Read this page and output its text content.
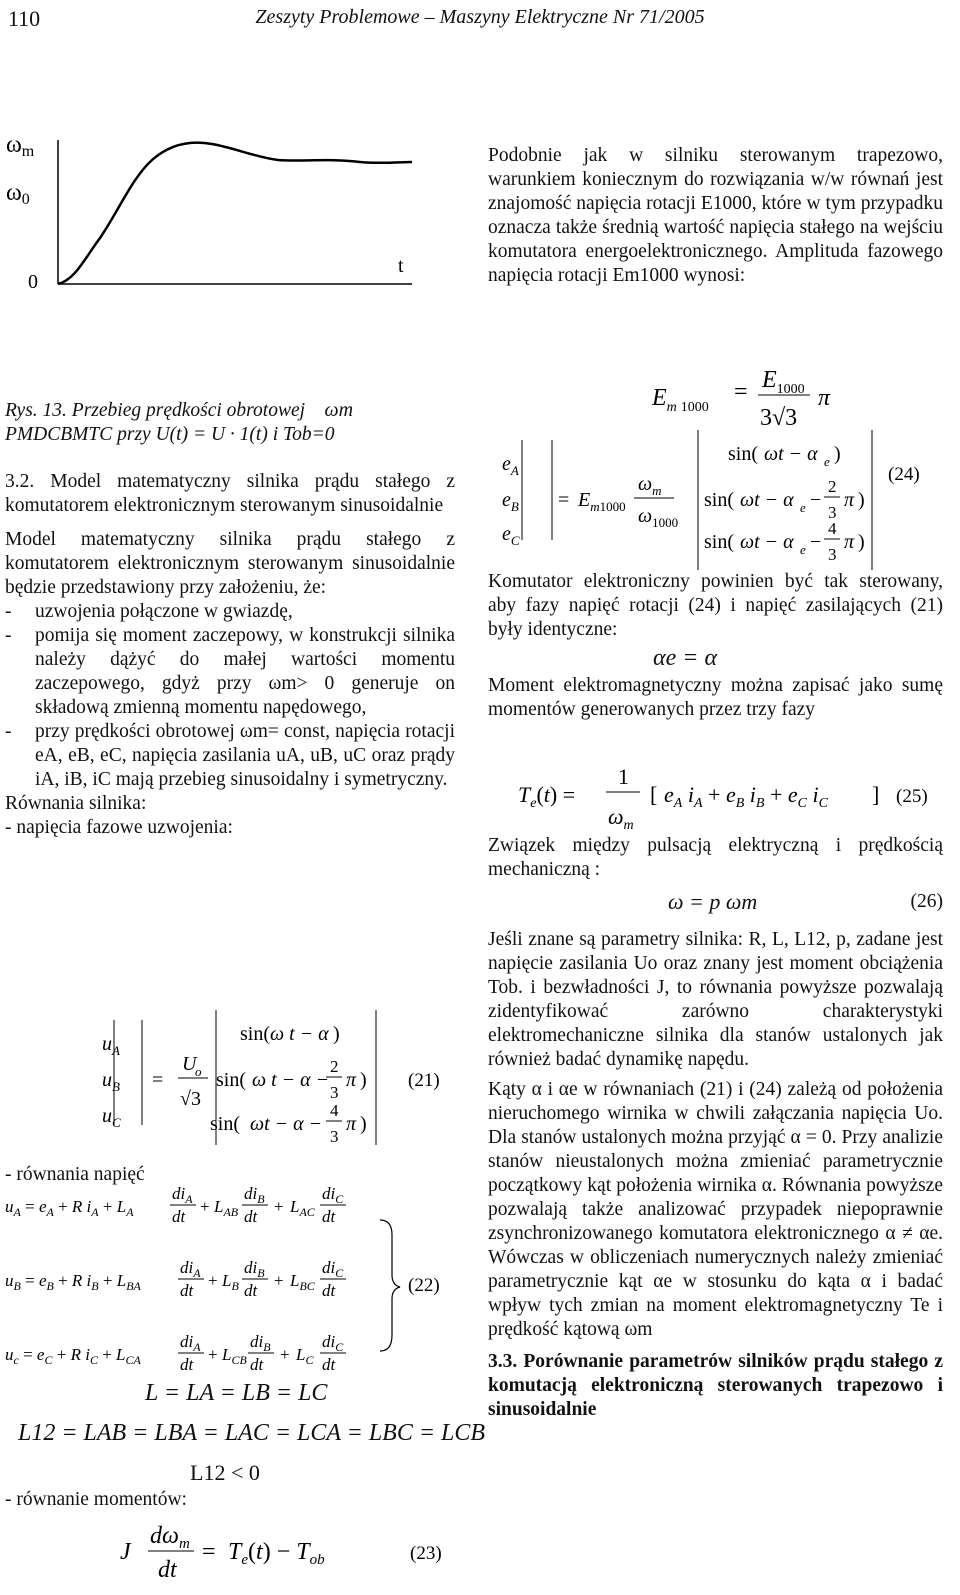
110	Zeszyty Problemowe – Maszyny Elektryczne Nr 71/2005
ωm
ω0
0
t

Rys. 13. Przebieg prędkości obrotowej ωm

PMDCBMTC przy U(t) = U · 1(t) i Tob=0

3.2. Model matematyczny silnika prądu stałego z komutatorem elektronicznym sterowanym sinusoidalnie

Model matematyczny silnika prądu stałego z komutatorem elektronicznym sterowanym sinusoidalnie będzie przedstawiony przy założeniu, że:

-	uzwojenia połączone w gwiazdę,
-	pomija się moment zaczepowy, w konstrukcji silnika należy dążyć do małej wartości momentu zaczepowego, gdyż przy ωm> 0 generuje on składową zmienną momentu napędowego,
-	przy prędkości obrotowej ωm= const, napięcia rotacji eA, eB, eC, napięcia zasilania uA, uB, uC oraz prądy iA, iB, iC mają przebieg sinusoidalny i symetryczny.

Równania silnika:

- napięcia fazowe uzwojenia:

$u_A$
$u_B$
$u_C$
=
U
o
√3
sin( ω t − α )
sin( ω t − α −
2
3
π )
sin( ωt − α −
4
3
π )
(21)
- równania napięć
$u_A = e_A + R$ $i_A + L_A$
$di_A$
dt
+ $L_{AB}$
$di_B$
dt
+ $L_{AC}$
$di_C$
dt
$u_B = e_B + R$ $i_B + L_{BA}$
$di_A$
dt
+ $L_B$
$di_B$
dt
+ $L_{BC}$
$di_C$
dt
$u_c = e_C + R$ $i_C + L_{CA}$
$di_A$
dt
+ $L_{CB}$
$di_B$
dt
+ $L_C$
$di_C$
dt
(22)
L = LA = LB = LC
L12 = LAB = LBA = LAC = LCA = LBC = LCB
L12 < 0
- równanie momentów:
J
$d\omega_m$
dt
= $T_e(t) - T_{ob}$	(23)

Podobnie jak w silniku sterowanym trapezowo, warunkiem koniecznym do rozwiązania w/w równań jest znajomość napięcia rotacji E1000, które w tym przypadku oznacza także średnią wartość napięcia stałego na wejściu komutatora energoelektronicznego. Amplituda fazowego napięcia rotacji Em1000 wynosi:

$E_m$ 1000
= $E_{1000}$
3√3
π
$e_A$
$e_B$
$e_C$
= $E_m1000$
$\omega_m$
$\omega_{1000}$
sin( ωt − α e )
sin( ωt − α e −
2
3
π )
sin( ωt − α e −
4
3
π )
(24)

Komutator elektroniczny powinien być tak sterowany, aby fazy napięć rotacji (24) i napięć zasilających (21) były identyczne:

αe = α

Moment elektromagnetyczny można zapisać jako sumę momentów generowanych przez trzy fazy

$T_e(t)$ =
1
$\omega_m$
[ $e_A$ $i_A + e_B$ $i_B + e_C$ $i_C$ ] (25)

Związek między pulsacją elektryczną i prędkością mechaniczną :

ω = p ωm	(26)

Jeśli znane są parametry silnika: R, L, L12, p, zadane jest napięcie zasilania Uo oraz znany jest moment obciążenia Tob. i bezwładności J, to równania powyższe pozwalają zidentyfikować zarówno charakterystyki elektromechaniczne silnika dla stanów ustalonych jak również badać dynamikę napędu.

Kąty α i αe w równaniach (21) i (24) zależą od położenia nieruchomego wirnika w chwili załączania napięcia Uo. Dla stanów ustalonych można przyjąć α = 0. Przy analizie stanów nieustalonych można zmieniać parametrycznie początkowy kąt położenia wirnika α. Równania powyższe pozwalają także analizować przypadek niepoprawnie zsynchronizowanego komutatora elektronicznego α ≠ αe. Wówczas w obliczeniach numerycznych należy zmieniać parametrycznie kąt αe w stosunku do kąta α i badać wpływ tych zmian na moment elektromagnetyczny Te i prędkość kątową ωm

3.3. Porównanie parametrów silników prądu stałego z komutacją elektroniczną sterowanych trapezowo i sinusoidalnie
